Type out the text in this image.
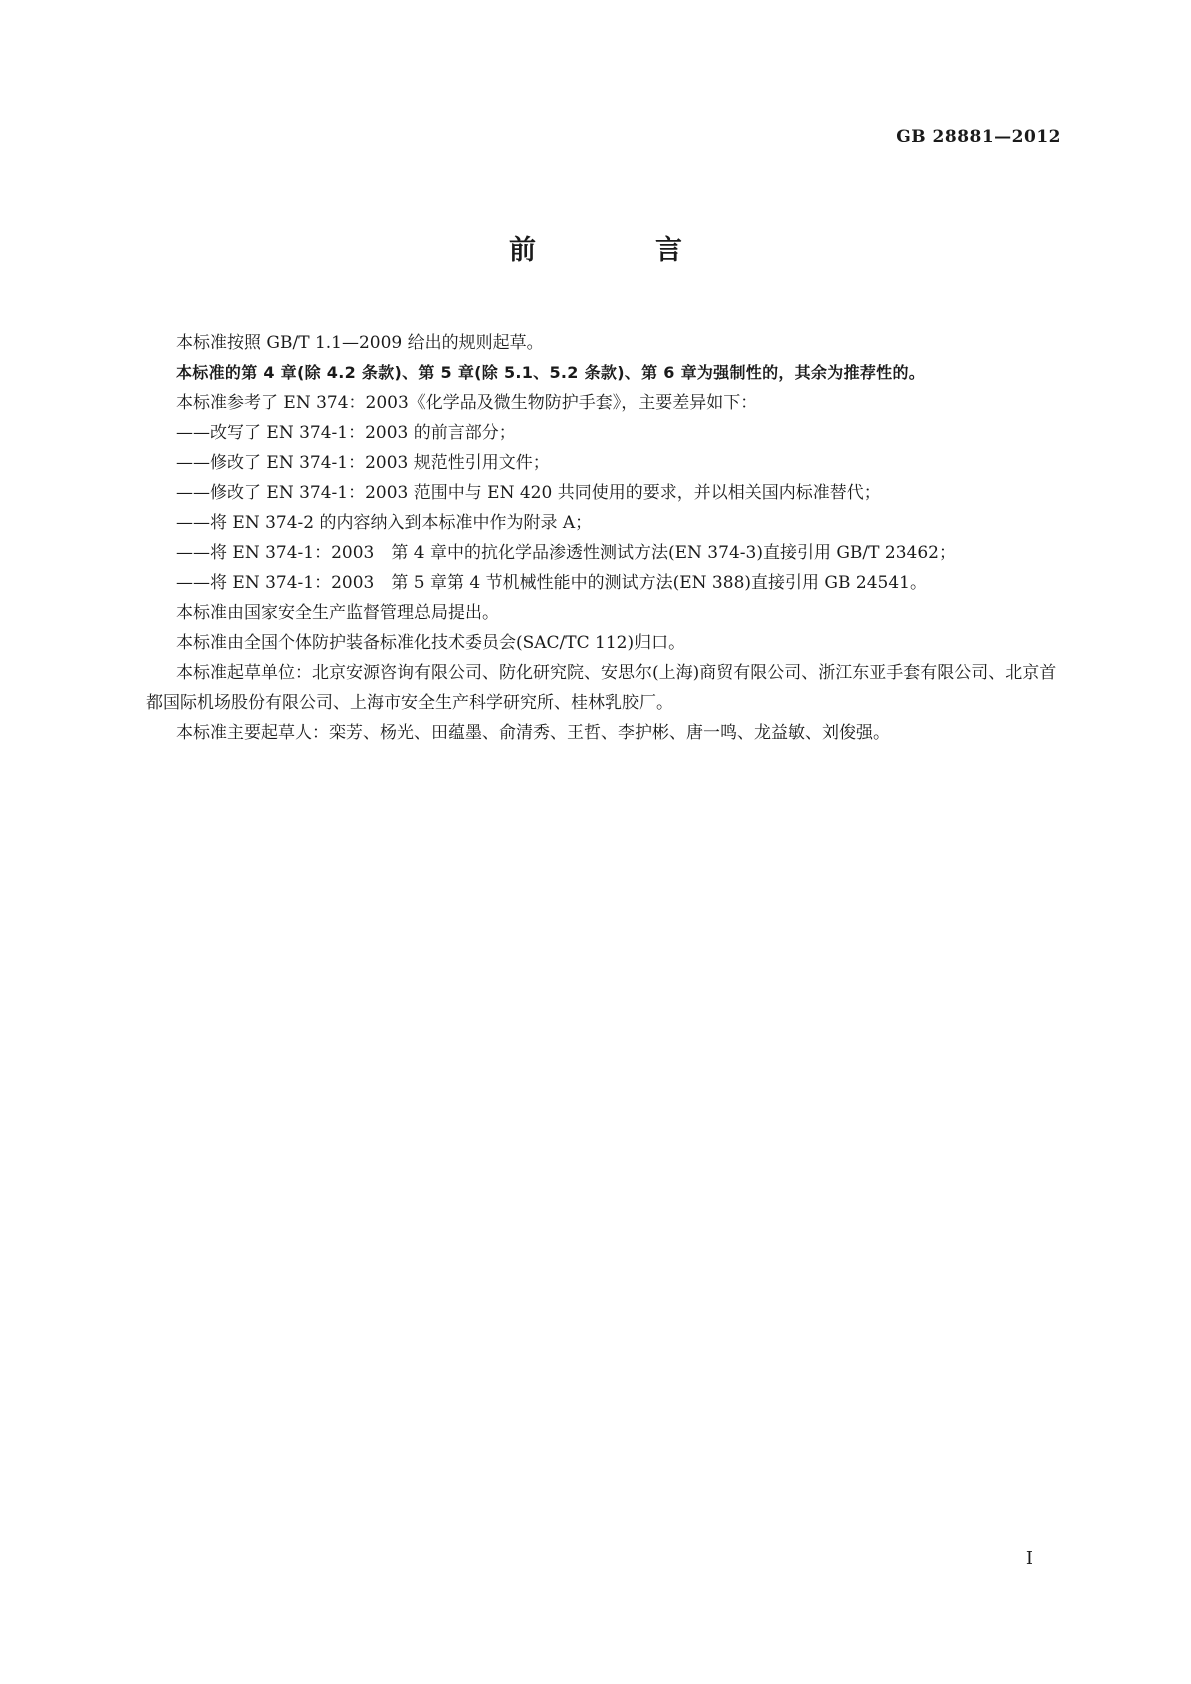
GB 28881—2012
前　言

本标准按照 GB/T 1.1—2009 给出的规则起草。

本标准的第 4 章(除 4.2 条款)、第 5 章(除 5.1、5.2 条款)、第 6 章为强制性的，其余为推荐性的。

本标准参考了 EN 374：2003《化学品及微生物防护手套》，主要差异如下：

——改写了 EN 374-1：2003 的前言部分；

——修改了 EN 374-1：2003 规范性引用文件；

——修改了 EN 374-1：2003 范围中与 EN 420 共同使用的要求，并以相关国内标准替代；

——将 EN 374-2 的内容纳入到本标准中作为附录 A；

——将 EN 374-1：2003　第 4 章中的抗化学品渗透性测试方法(EN 374-3)直接引用 GB/T 23462；

——将 EN 374-1：2003　第 5 章第 4 节机械性能中的测试方法(EN 388)直接引用 GB 24541。

本标准由国家安全生产监督管理总局提出。

本标准由全国个体防护装备标准化技术委员会(SAC/TC 112)归口。

本标准起草单位：北京安源咨询有限公司、防化研究院、安思尔(上海)商贸有限公司、浙江东亚手套有限公司、北京首都国际机场股份有限公司、上海市安全生产科学研究所、桂林乳胶厂。

本标准主要起草人：栾芳、杨光、田蕴墨、俞清秀、王哲、李护彬、唐一鸣、龙益敏、刘俊强。

I
